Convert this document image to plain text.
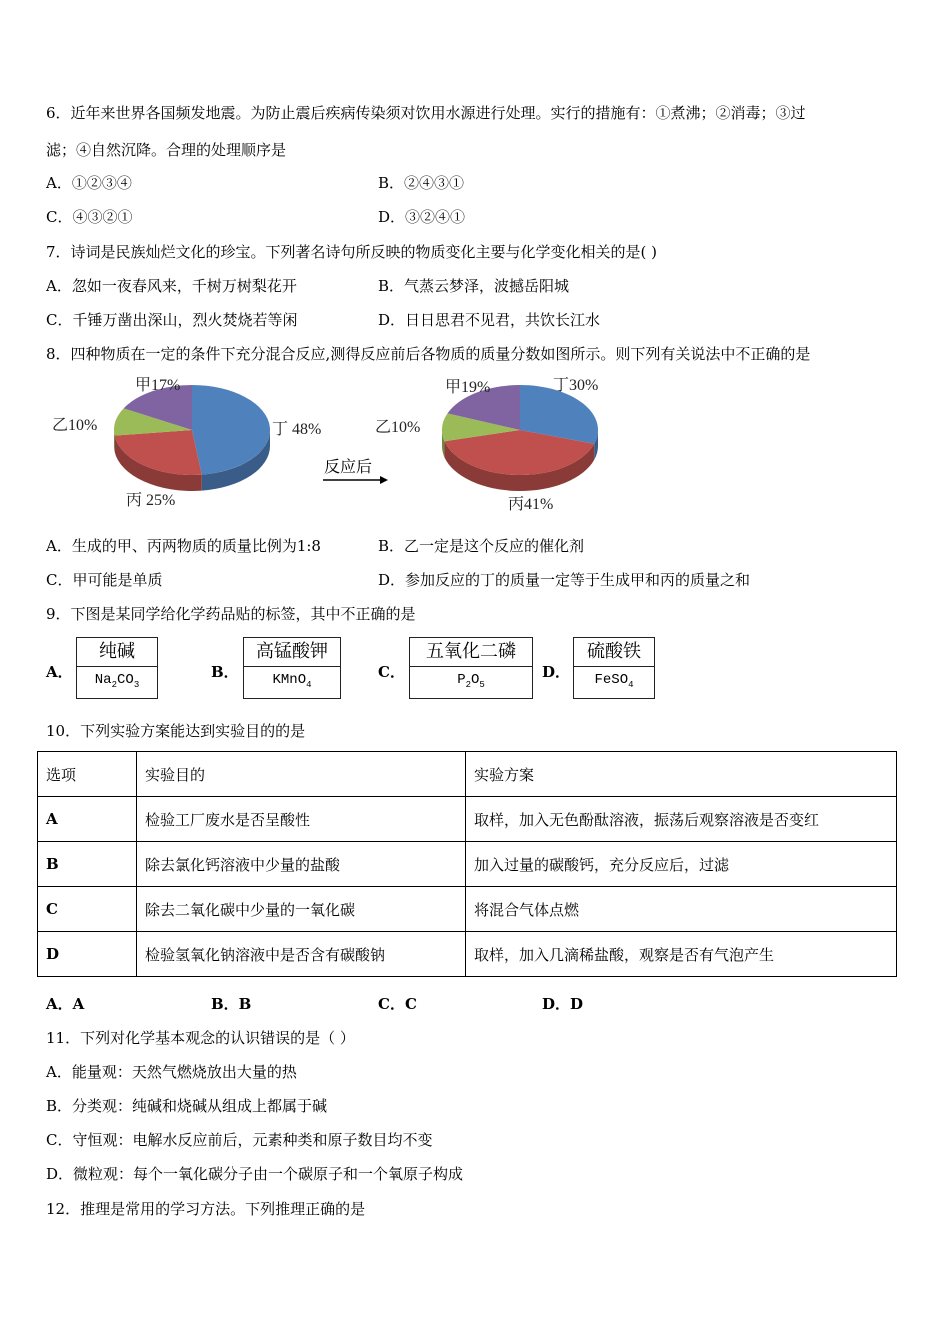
6．近年来世界各国频发地震。为防止震后疾病传染须对饮用水源进行处理。实行的措施有：①煮沸；②消毒；③过
滤；④自然沉降。合理的处理顺序是
A．①②③④	B．②④③①
C．④③②①	D．③②④①
7．诗词是民族灿烂文化的珍宝。下列著名诗句所反映的物质变化主要与化学变化相关的是( )
A．忽如一夜春风来，千树万树梨花开	B．气蒸云梦泽，波撼岳阳城
C．千锤万凿出深山，烈火焚烧若等闲	D．日日思君不见君，共饮长江水
8．四种物质在一定的条件下充分混合反应,测得反应前后各物质的质量分数如图所示。则下列有关说法中不正确的是
反应后
甲17%
乙10%
丙 25%
丁 48%
甲19%
乙10%
丙41%
丁30%
A．生成的甲、丙两物质的质量比例为1:8	B．乙一定是这个反应的催化剂
C．甲可能是单质	D．参加反应的丁的质量一定等于生成甲和丙的质量之和
9．下图是某同学给化学药品贴的标签，其中不正确的是
A．
纯碱
$Na_2CO_3$
B．
高锰酸钾
KMnO$_4$
C．
五氧化二磷
$P_2O_5$
D．
硫酸铁
FeSO$_4$
10．下列实验方案能达到实验目的的是
选项	实验目的	实验方案
A	检验工厂废水是否呈酸性	取样，加入无色酚酞溶液，振荡后观察溶液是否变红
B	除去氯化钙溶液中少量的盐酸	加入过量的碳酸钙，充分反应后，过滤
C	除去二氧化碳中少量的一氧化碳	将混合气体点燃
D	检验氢氧化钠溶液中是否含有碳酸钠	取样，加入几滴稀盐酸，观察是否有气泡产生
A．A	B．B	C．C	D．D
11．下列对化学基本观念的认识错误的是（ ）
A．能量观：天然气燃烧放出大量的热
B．分类观：纯碱和烧碱从组成上都属于碱
C．守恒观：电解水反应前后，元素种类和原子数目均不变
D．微粒观：每个一氧化碳分子由一个碳原子和一个氧原子构成
12．推理是常用的学习方法。下列推理正确的是
